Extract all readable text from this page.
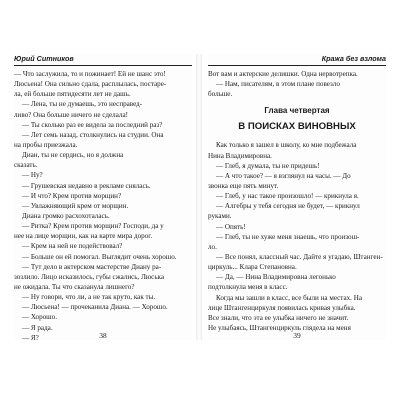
Юрий Ситников
— Что заслужила, то и пожинает! Ей не шанс это!
Люсьена! Она сильно сдала, расплылась, постаре-
ла, ей больше пятидесяти лет не дашь.
— Лена, ты не думаешь, это несправед-
ливо? Она больше ничего не сделала!
— Ты сколько раз ее видела за последний раз?
— Лет семь назад, столкнулись на студии. Она
на пробы приезжала.
Диан, ты не сердись, но я должна
сказать.
— Ну?
— Грушевская недавно в рекламе снялась.
— И что? Крем против морщин?
— Увлажняющий крем от морщин.
Диана громко расхохоталась.
— Ритка? Крем против морщин? Господи, да у
нее на лице морщин, как на карте мира дорог.
— Крем на ней не подействовал?
— Больше он ей помогал. Выглядит очень хорошо.
— Тут дело в актерском мастерстве Диану ра-
зозлило. Лицо исказилось, губы сжались, Люська
не ожидала. Ты что сказанула лишнего?
— Ну говори, что ли, а не так круто, как ты.
— Люсьена! — прочеканила Диана. — Хорошо.
— Хорошо.
— Я рада.
— Я?	38
Кража без взлома
Вот вам и актерские делишки. Одна нервотрепка.
— Нам, писателям, в этом плане повезло
больше.
Глава четвертая
В ПОИСКАХ ВИНОВНЫХ
Как только я зашел в школу, ко мне подбежала
Нина Владимировна.
— Глеб, я думала, ты не придешь!
— А что такое? — я взглянул на часы. — До
звонка еще пять минут.
— Глеб, у нас такое произошло! — крикнула я.
— Алгебры у тебя сегодня не будет, — крикнул
руками.
— Опять!
— Глеб, ты не хуже меня знаешь, что произош-
ло.
— Все понял, классный час. Дайте я угадаю, Штанген-
циркуль... Клара Степановна.
— Да, — Нина Владимировна легонько
подтолкнула меня в класс.
Когда мы зашли в класс, все были на местах. На
лице Штангенциркуля появилась кривая улыбка.
Все знали, что эта ее улыбка ничего не значит.
Не улыбаясь, Штангенциркуль глядела на меня
39
